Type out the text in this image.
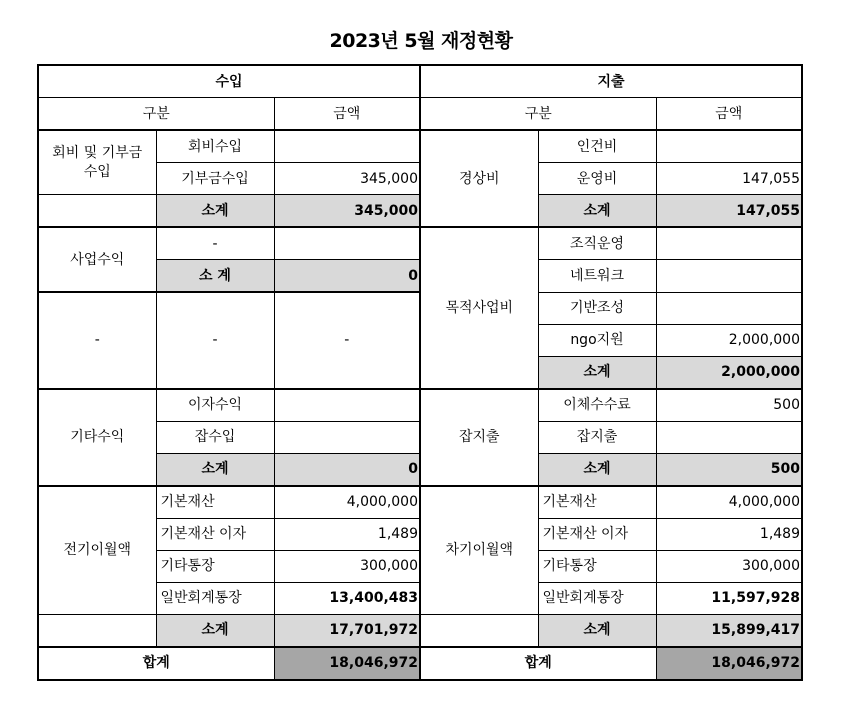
2023년 5월 재정현황
수입			지출		
구분		금액	구분		금액
회비 및 기부금 수입	회비수입		경상비	인건비	
	기부금수입	345,000		운영비	147,055
	소계	345,000		소계	147,055
사업수익	-		목적사업비	조직운영	
	소 계	0		네트워크	
-	-	-		기반조성	
				ngo지원	2,000,000
				소계	2,000,000
기타수익	이자수익		잡지출	이체수수료	500
	잡수입			잡지출	
	소계	0		소계	500
전기이월액	기본재산	4,000,000	차기이월액	기본재산	4,000,000
	기본재산 이자	1,489		기본재산 이자	1,489
	기타통장	300,000		기타통장	300,000
	일반회계통장	13,400,483		일반회계통장	11,597,928
	소계	17,701,972		소계	15,899,417
합계		18,046,972	합계		18,046,972
